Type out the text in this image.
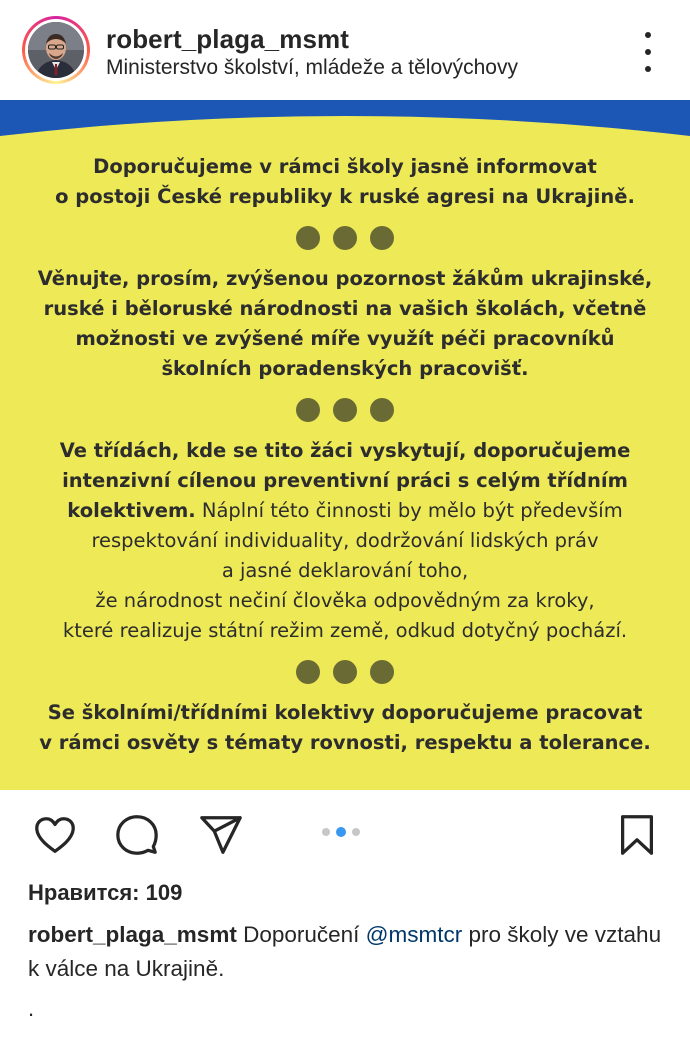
robert_plaga_msmt
Ministerstvo školství, mládeže a tělovýchovy
Doporučujeme v rámci školy jasně informovat
o postoji České republiky k ruské agresi na Ukrajině.
Věnujte, prosím, zvýšenou pozornost žákům ukrajinské,
ruské i běloruské národnosti na vašich školách, včetně
možnosti ve zvýšené míře využít péči pracovníků
školních poradenských pracovišť.
Ve třídách, kde se tito žáci vyskytují, doporučujeme
intenzivní cílenou preventivní práci s celým třídním
kolektivem. Náplní této činnosti by mělo být především
respektování individuality, dodržování lidských práv
a jasné deklarování toho,
že národnost nečiní člověka odpovědným za kroky,
které realizuje státní režim země, odkud dotyčný pochází.
Se školními/třídními kolektivy doporučujeme pracovat
v rámci osvěty s tématy rovnosti, respektu a tolerance.
Нравится: 109
robert_plaga_msmt Doporučení @msmtcr pro školy ve vztahu k válce na Ukrajině.
.
